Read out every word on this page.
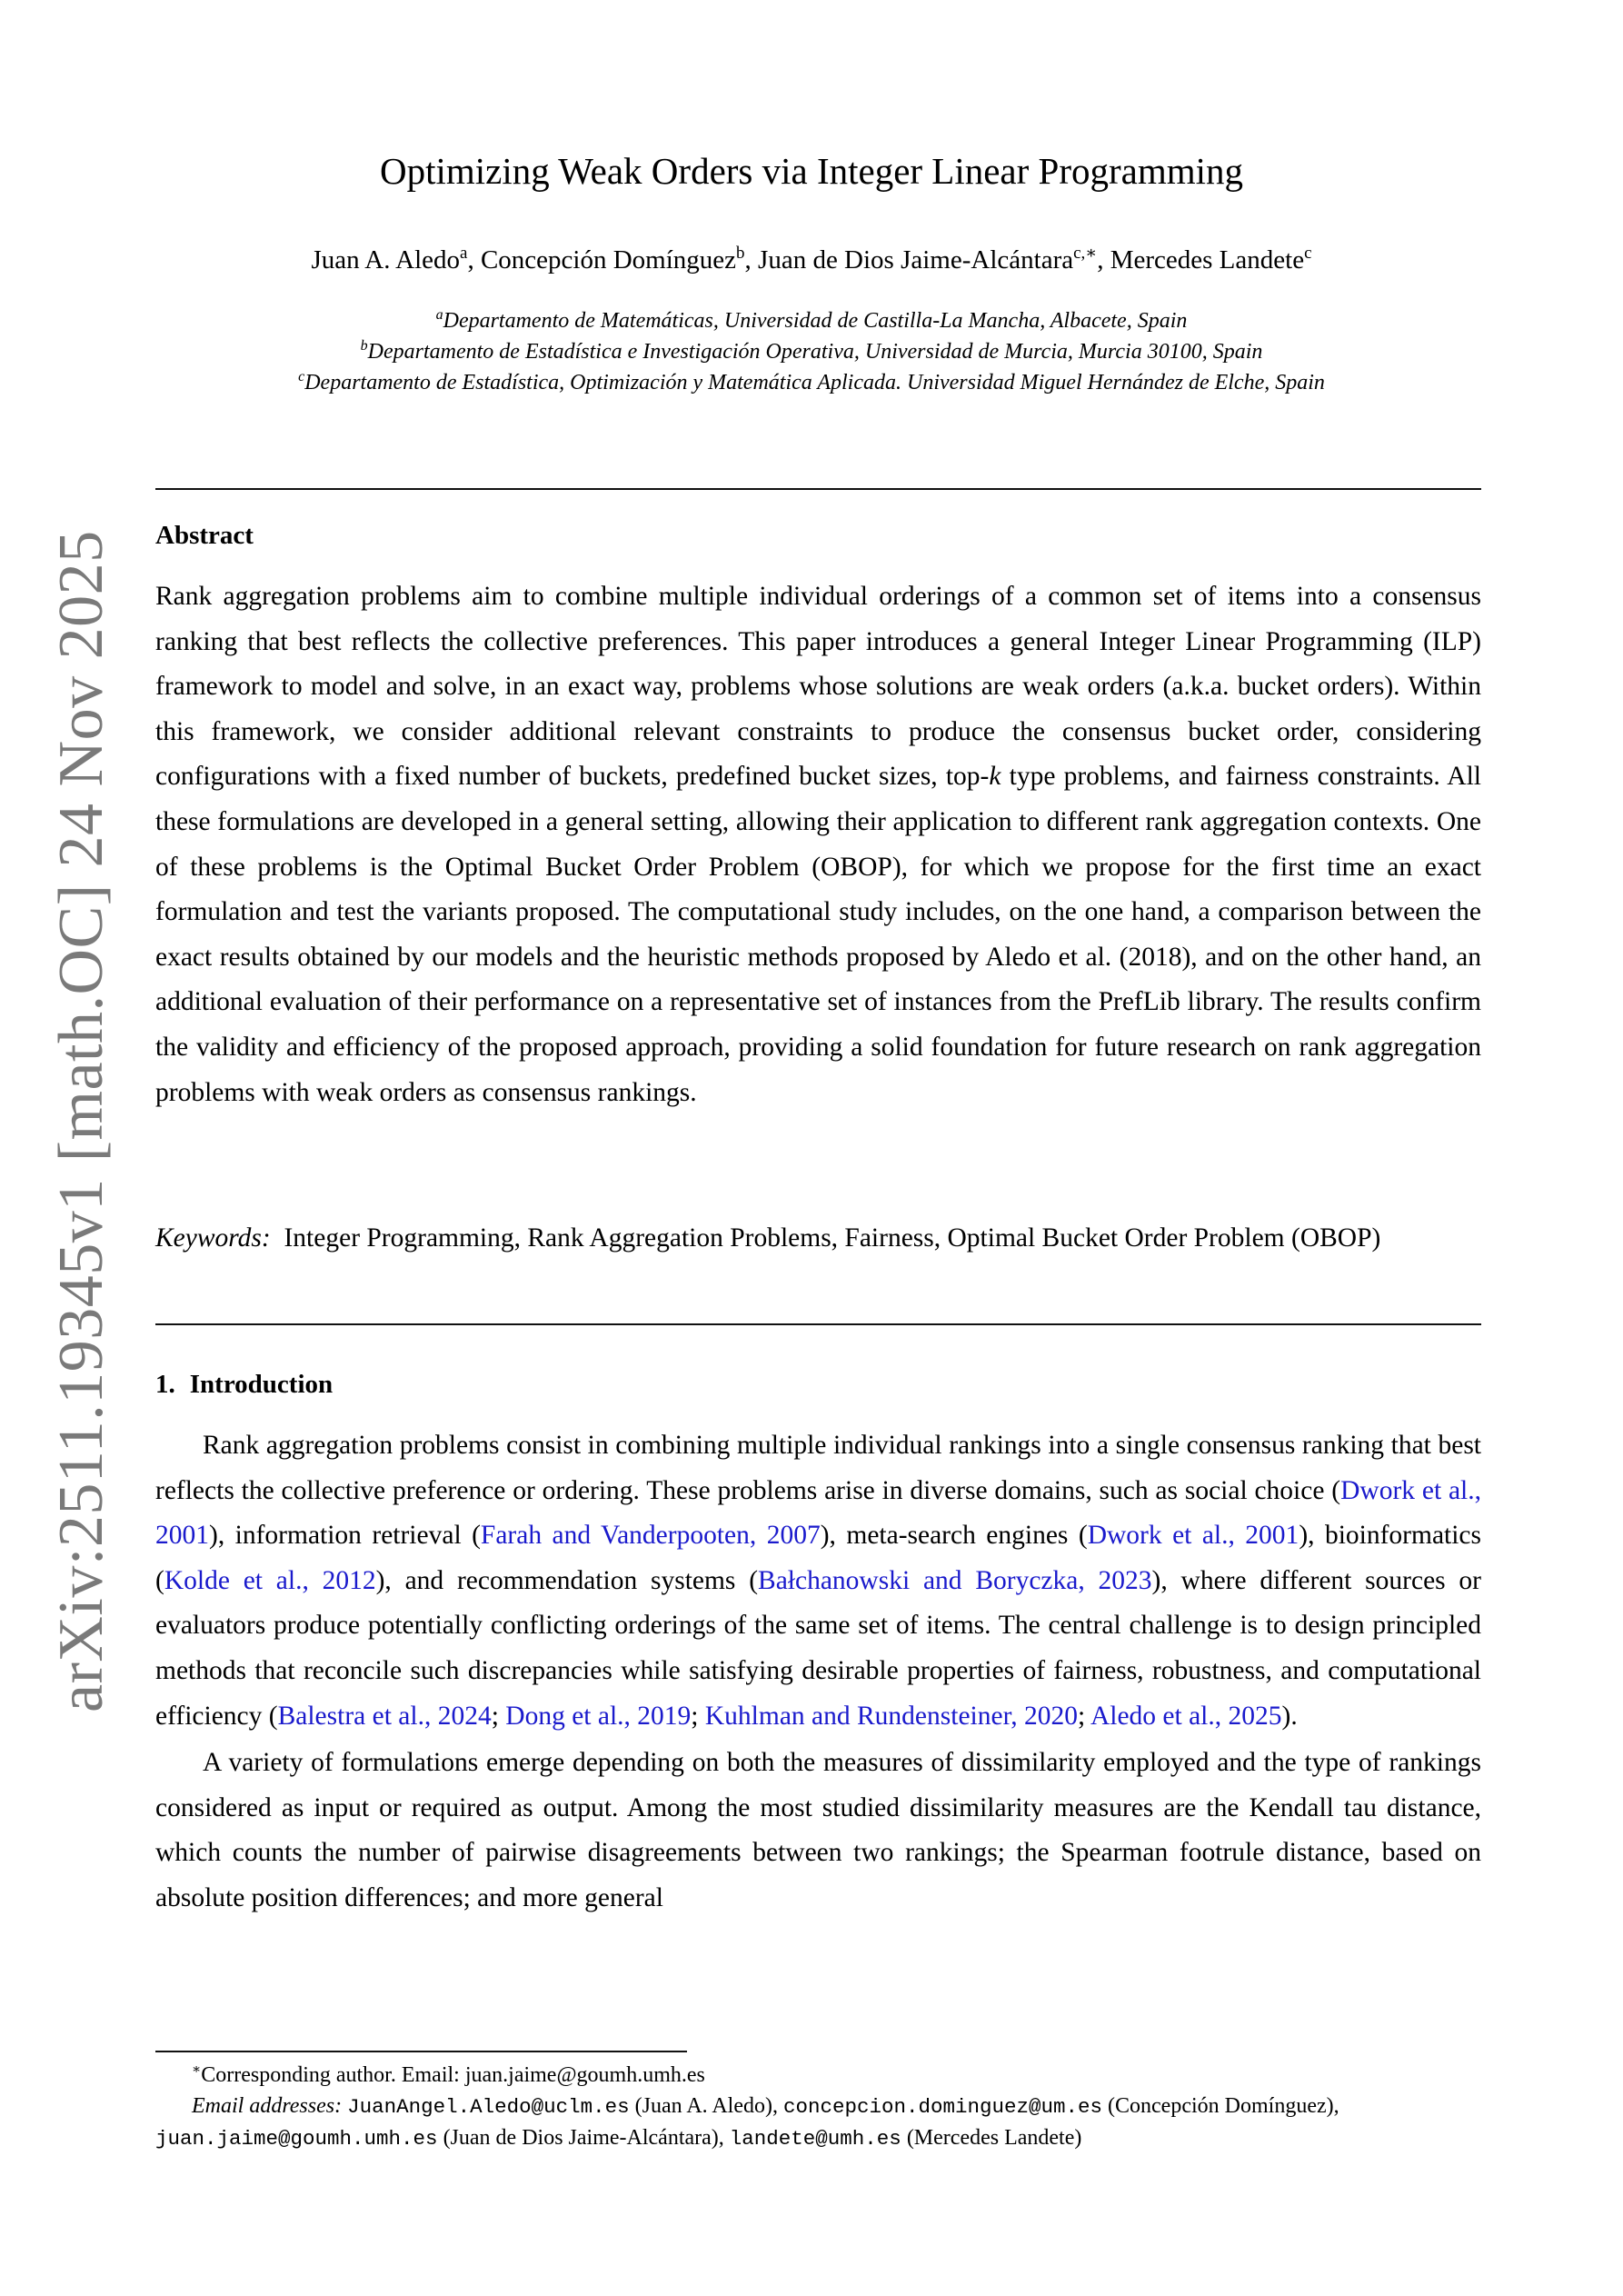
arXiv:2511.19345v1 [math.OC] 24 Nov 2025
Optimizing Weak Orders via Integer Linear Programming
Juan A. Aledo$^a$, Concepción Domínguez$^b$, Juan de Dios Jaime-Alcántara$^{c,∗}$, Mercedes Landete$^c$
$^a$Departamento de Matemáticas, Universidad de Castilla-La Mancha, Albacete, Spain
$^b$Departamento de Estadística e Investigación Operativa, Universidad de Murcia, Murcia 30100, Spain
$^c$Departamento de Estadística, Optimización y Matemática Aplicada. Universidad Miguel Hernández de Elche, Spain
Abstract
Rank aggregation problems aim to combine multiple individual orderings of a common set of items into a consensus ranking that best reflects the collective preferences. This paper introduces a general Integer Linear Programming (ILP) framework to model and solve, in an exact way, problems whose solutions are weak orders (a.k.a. bucket orders). Within this framework, we consider additional relevant constraints to produce the consensus bucket order, considering configurations with a fixed number of buckets, predefined bucket sizes, top-k type problems, and fairness constraints. All these formulations are developed in a general setting, allowing their application to different rank aggregation contexts. One of these problems is the Optimal Bucket Order Problem (OBOP), for which we propose for the first time an exact formulation and test the variants proposed. The computational study includes, on the one hand, a comparison between the exact results obtained by our models and the heuristic methods proposed by Aledo et al. (2018), and on the other hand, an additional evaluation of their performance on a representative set of instances from the PrefLib library. The results confirm the validity and efficiency of the proposed approach, providing a solid foundation for future research on rank aggregation problems with weak orders as consensus rankings.
Keywords: Integer Programming, Rank Aggregation Problems, Fairness, Optimal Bucket Order Problem (OBOP)
1. Introduction

Rank aggregation problems consist in combining multiple individual rankings into a single consensus ranking that best reflects the collective preference or ordering. These problems arise in diverse domains, such as social choice (Dwork et al., 2001), information retrieval (Farah and Vanderpooten, 2007), meta-search engines (Dwork et al., 2001), bioinformatics (Kolde et al., 2012), and recommendation systems (Bałchanowski and Boryczka, 2023), where different sources or evaluators produce potentially conflicting orderings of the same set of items. The central challenge is to design principled methods that reconcile such discrepancies while satisfying desirable properties of fairness, robustness, and computational efficiency (Balestra et al., 2024; Dong et al., 2019; Kuhlman and Rundensteiner, 2020; Aledo et al., 2025).

A variety of formulations emerge depending on both the measures of dissimilarity employed and the type of rankings considered as input or required as output. Among the most studied dissimilarity measures are the Kendall tau distance, which counts the number of pairwise disagreements between two rankings; the Spearman footrule distance, based on absolute position differences; and more general

∗Corresponding author. Email: juan.jaime@goumh.umh.es

Email addresses: JuanAngel.Aledo@uclm.es (Juan A. Aledo), concepcion.dominguez@um.es (Concepción Domínguez), juan.jaime@goumh.umh.es (Juan de Dios Jaime-Alcántara), landete@umh.es (Mercedes Landete)
